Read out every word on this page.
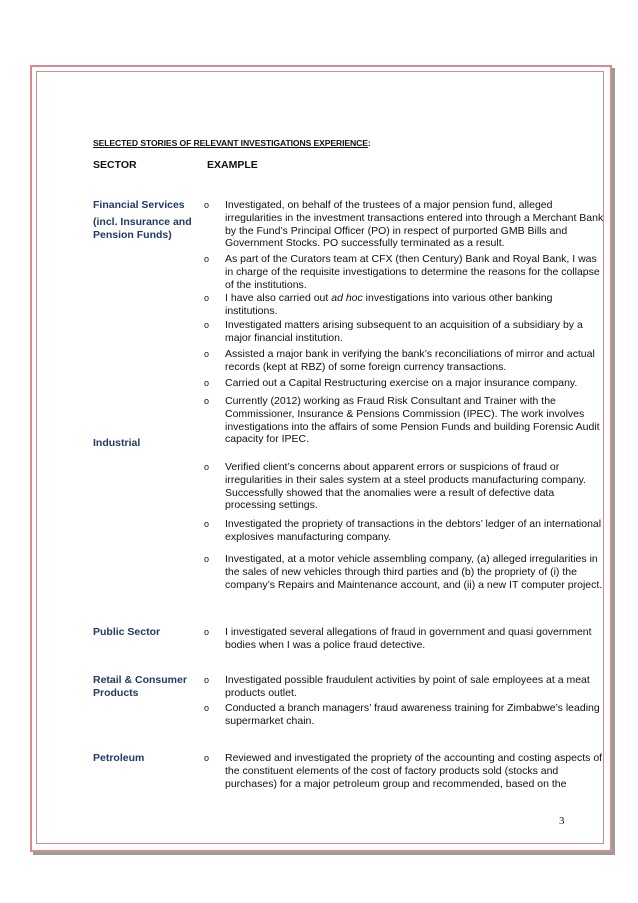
SELECTED STORIES OF RELEVANT INVESTIGATIONS EXPERIENCE:
SECTOR	EXAMPLE
Financial Services
(incl. Insurance and Pension Funds)
Industrial
Public Sector
Retail & Consumer Products
Petroleum
o Investigated, on behalf of the trustees of a major pension fund, alleged irregularities in the investment transactions entered into through a Merchant Bank by the Fund’s Principal Officer (PO) in respect of purported GMB Bills and Government Stocks. PO successfully terminated as a result.
o As part of the Curators team at CFX (then Century) Bank and Royal Bank, I was in charge of the requisite investigations to determine the reasons for the collapse of the institutions.
o I have also carried out ad hoc investigations into various other banking institutions.
o Investigated matters arising subsequent to an acquisition of a subsidiary by a major financial institution.
o Assisted a major bank in verifying the bank’s reconciliations of mirror and actual records (kept at RBZ) of some foreign currency transactions.
o Carried out a Capital Restructuring exercise on a major insurance company.
o Currently (2012) working as Fraud Risk Consultant and Trainer with the Commissioner, Insurance & Pensions Commission (IPEC). The work involves investigations into the affairs of some Pension Funds and building Forensic Audit capacity for IPEC.
o Verified client’s concerns about apparent errors or suspicions of fraud or irregularities in their sales system at a steel products manufacturing company. Successfully showed that the anomalies were a result of defective data processing settings.
o Investigated the propriety of transactions in the debtors’ ledger of an international explosives manufacturing company.
o Investigated, at a motor vehicle assembling company, (a) alleged irregularities in the sales of new vehicles through third parties and (b) the propriety of (i) the company’s Repairs and Maintenance account, and (ii) a new IT computer project.
o I investigated several allegations of fraud in government and quasi government bodies when I was a police fraud detective.
o Investigated possible fraudulent activities by point of sale employees at a meat products outlet.
o Conducted a branch managers’ fraud awareness training for Zimbabwe’s leading supermarket chain.
o Reviewed and investigated the propriety of the accounting and costing aspects of the constituent elements of the cost of factory products sold (stocks and purchases) for a major petroleum group and recommended, based on the
3
